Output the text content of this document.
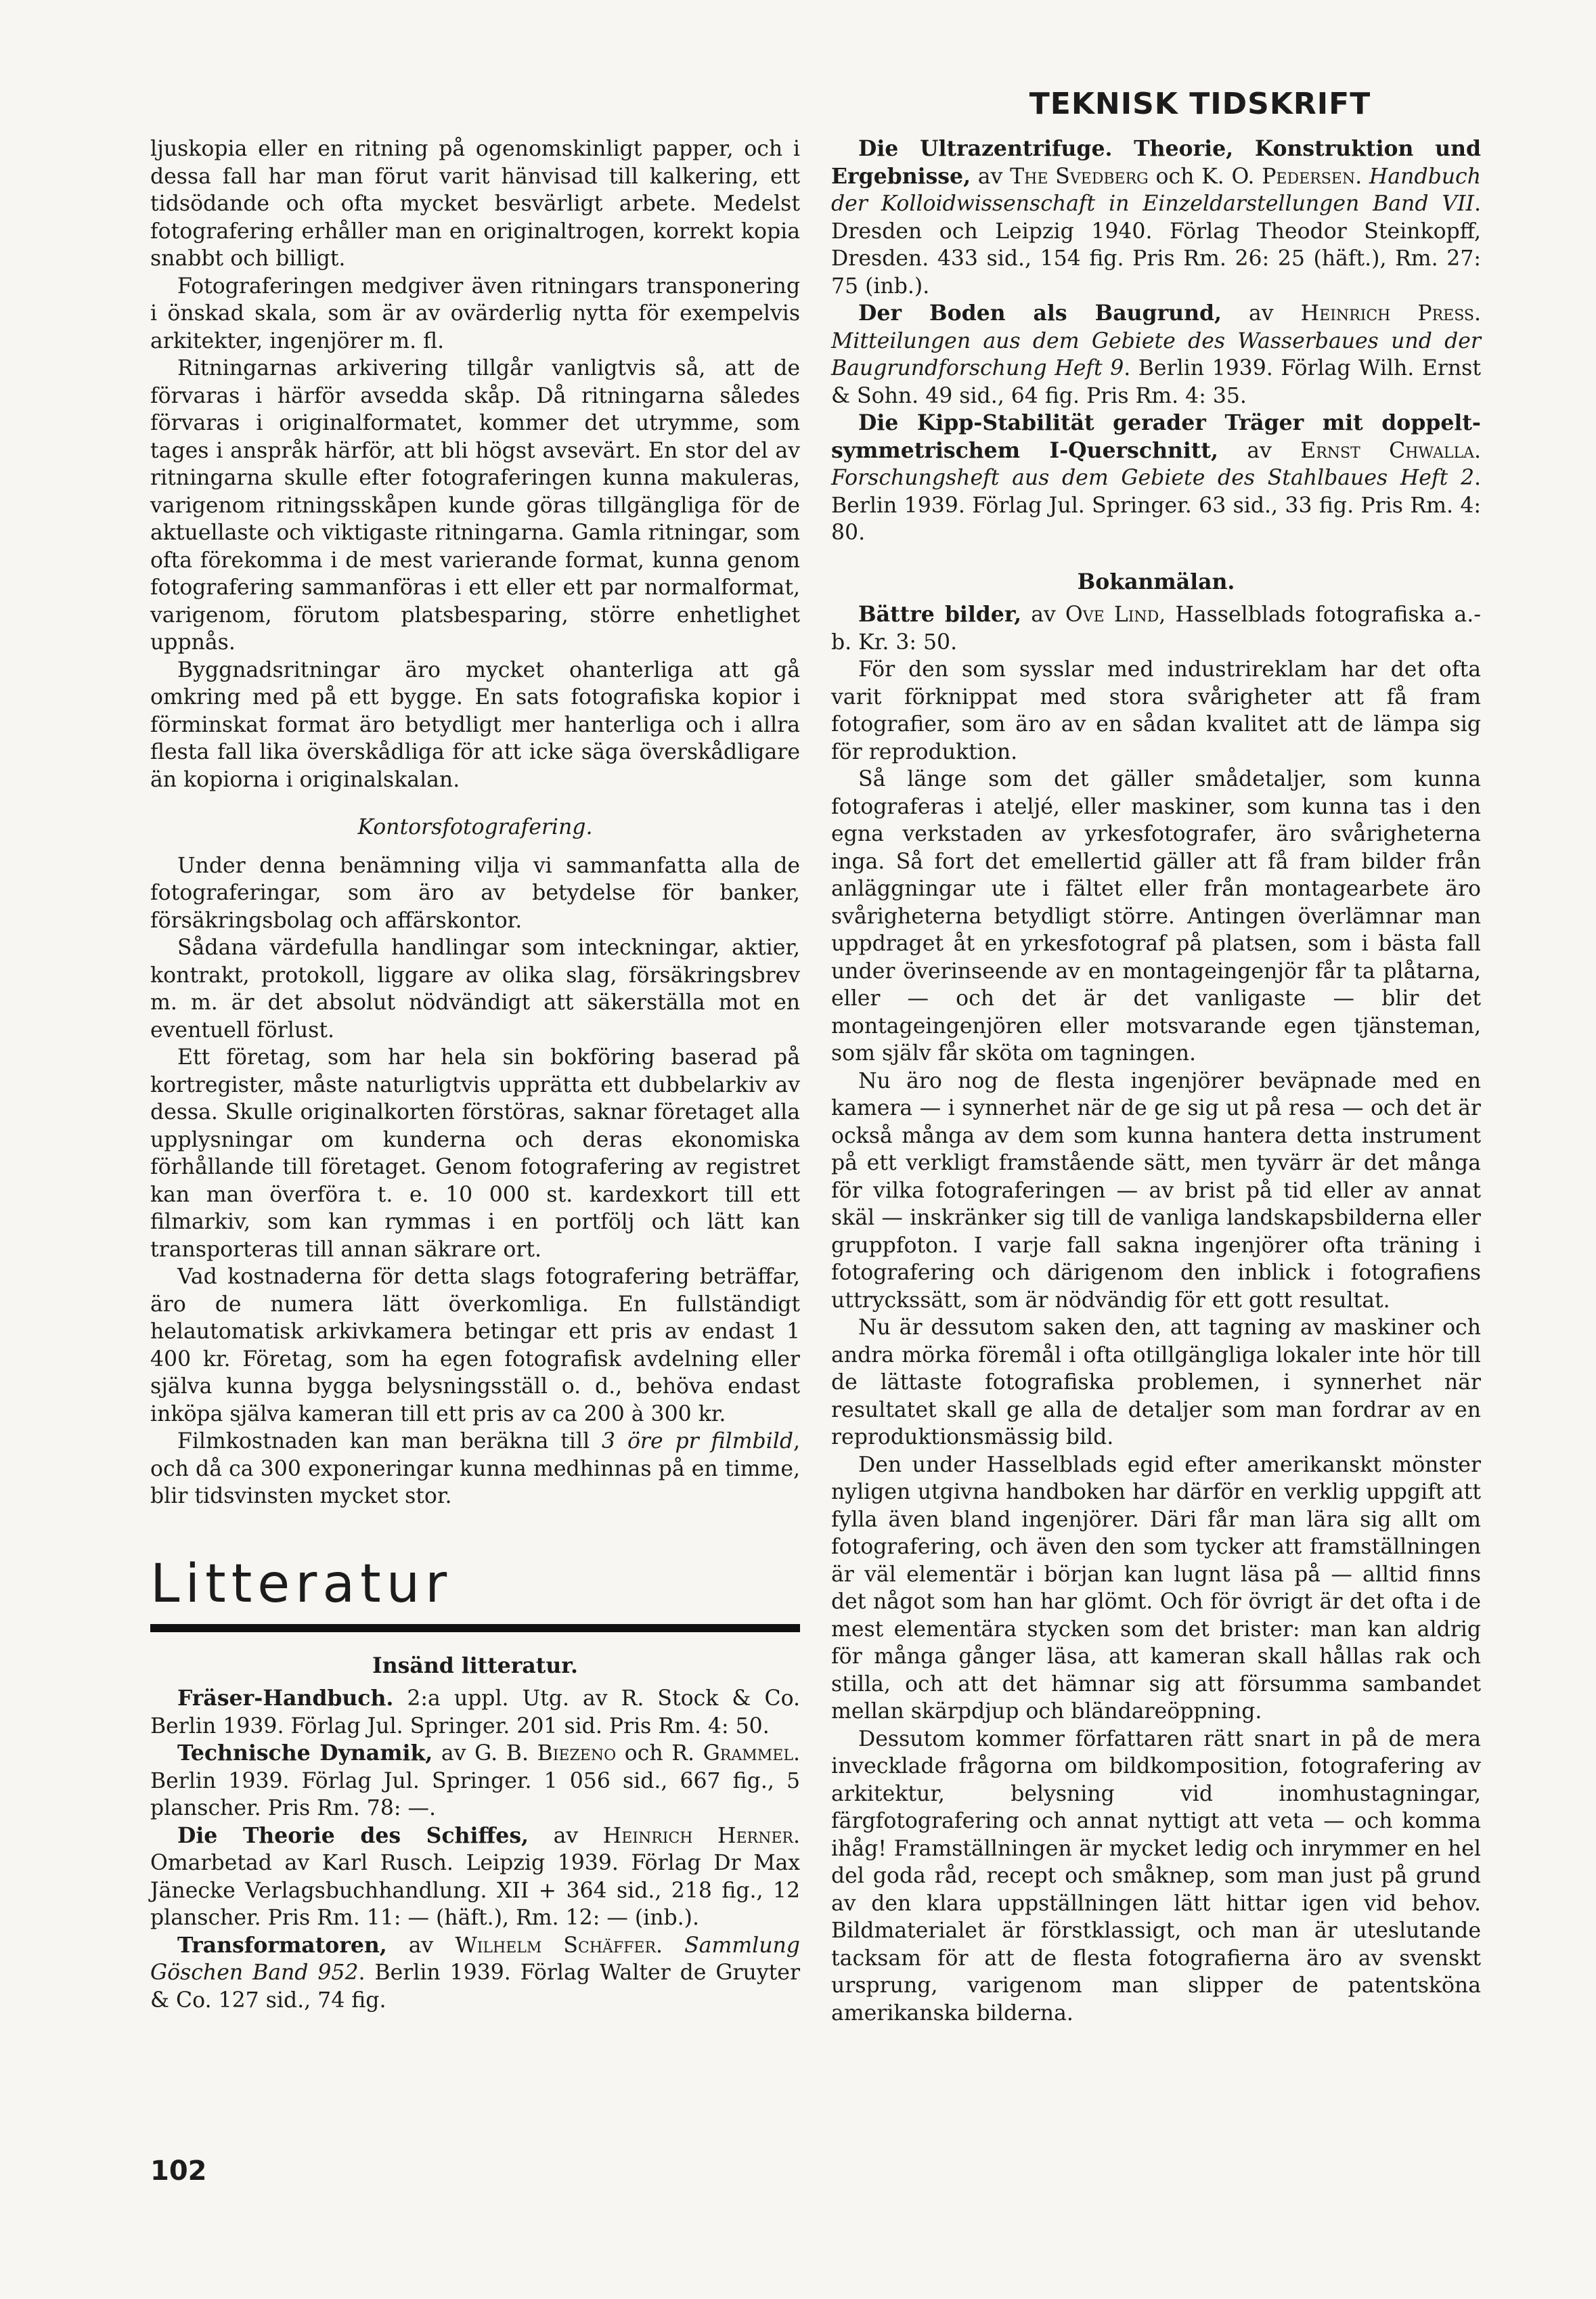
TEKNISK TIDSKRIFT

ljuskopia eller en ritning på ogenomskinligt papper, och i dessa fall har man förut varit hänvisad till kalkering, ett tidsödande och ofta mycket besvärligt arbete. Medelst fotografering erhåller man en originaltrogen, korrekt kopia snabbt och billigt.

Fotograferingen medgiver även ritningars transponering i önskad skala, som är av ovärderlig nytta för exempelvis arkitekter, ingenjörer m. fl.

Ritningarnas arkivering tillgår vanligtvis så, att de förvaras i härför avsedda skåp. Då ritningarna således förvaras i originalformatet, kommer det utrymme, som tages i anspråk härför, att bli högst avsevärt. En stor del av ritningarna skulle efter fotograferingen kunna makuleras, varigenom ritningsskåpen kunde göras tillgängliga för de aktuellaste och viktigaste ritningarna. Gamla ritningar, som ofta förekomma i de mest varierande format, kunna genom fotografering sammanföras i ett eller ett par normalformat, varigenom, förutom platsbesparing, större enhetlighet uppnås.

Byggnadsritningar äro mycket ohanterliga att gå omkring med på ett bygge. En sats fotografiska kopior i förminskat format äro betydligt mer hanterliga och i allra flesta fall lika överskådliga för att icke säga överskådligare än kopiorna i originalskalan.

Kontorsfotografering.

Under denna benämning vilja vi sammanfatta alla de fotograferingar, som äro av betydelse för banker, försäkringsbolag och affärskontor.

Sådana värdefulla handlingar som inteckningar, aktier, kontrakt, protokoll, liggare av olika slag, försäkringsbrev m. m. är det absolut nödvändigt att säkerställa mot en eventuell förlust.

Ett företag, som har hela sin bokföring baserad på kortregister, måste naturligtvis upprätta ett dubbelarkiv av dessa. Skulle originalkorten förstöras, saknar företaget alla upplysningar om kunderna och deras ekonomiska förhållande till företaget. Genom fotografering av registret kan man överföra t. e. 10 000 st. kardexkort till ett filmarkiv, som kan rymmas i en portfölj och lätt kan transporteras till annan säkrare ort.

Vad kostnaderna för detta slags fotografering beträffar, äro de numera lätt överkomliga. En fullständigt helautomatisk arkivkamera betingar ett pris av endast 1 400 kr. Företag, som ha egen fotografisk avdelning eller själva kunna bygga belysningsställ o. d., behöva endast inköpa själva kameran till ett pris av ca 200 à 300 kr.

Filmkostnaden kan man beräkna till 3 öre pr filmbild, och då ca 300 exponeringar kunna medhinnas på en timme, blir tidsvinsten mycket stor.

Litteratur
Insänd litteratur.

Fräser-Handbuch. 2:a uppl. Utg. av R. Stock & Co. Berlin 1939. Förlag Jul. Springer. 201 sid. Pris Rm. 4: 50.

Technische Dynamik, av G. B. Biezeno och R. Grammel. Berlin 1939. Förlag Jul. Springer. 1 056 sid., 667 fig., 5 planscher. Pris Rm. 78: —.

Die Theorie des Schiffes, av Heinrich Herner. Omarbetad av Karl Rusch. Leipzig 1939. Förlag Dr Max Jänecke Verlagsbuchhandlung. XII + 364 sid., 218 fig., 12 planscher. Pris Rm. 11: — (häft.), Rm. 12: — (inb.).

Transformatoren, av Wilhelm Schäffer. Sammlung Göschen Band 952. Berlin 1939. Förlag Walter de Gruyter & Co. 127 sid., 74 fig.

Die Ultrazentrifuge. Theorie, Konstruktion und Ergebnisse, av The Svedberg och K. O. Pedersen. Handbuch der Kolloidwissenschaft in Einzeldarstellungen Band VII. Dresden och Leipzig 1940. Förlag Theodor Steinkopff, Dresden. 433 sid., 154 fig. Pris Rm. 26: 25 (häft.), Rm. 27: 75 (inb.).

Der Boden als Baugrund, av Heinrich Press. Mitteilungen aus dem Gebiete des Wasserbaues und der Baugrundforschung Heft 9. Berlin 1939. Förlag Wilh. Ernst & Sohn. 49 sid., 64 fig. Pris Rm. 4: 35.

Die Kipp-Stabilität gerader Träger mit doppelt-symmetrischem I-Querschnitt, av Ernst Chwalla. Forschungsheft aus dem Gebiete des Stahlbaues Heft 2. Berlin 1939. Förlag Jul. Springer. 63 sid., 33 fig. Pris Rm. 4: 80.

Bokanmälan.

Bättre bilder, av Ove Lind, Hasselblads fotografiska a.-b. Kr. 3: 50.

För den som sysslar med industrireklam har det ofta varit förknippat med stora svårigheter att få fram fotografier, som äro av en sådan kvalitet att de lämpa sig för reproduktion.

Så länge som det gäller smådetaljer, som kunna fotograferas i ateljé, eller maskiner, som kunna tas i den egna verkstaden av yrkesfotografer, äro svårigheterna inga. Så fort det emellertid gäller att få fram bilder från anläggningar ute i fältet eller från montagearbete äro svårigheterna betydligt större. Antingen överlämnar man uppdraget åt en yrkesfotograf på platsen, som i bästa fall under överinseende av en montageingenjör får ta plåtarna, eller — och det är det vanligaste — blir det montageingenjören eller motsvarande egen tjänsteman, som själv får sköta om tagningen.

Nu äro nog de flesta ingenjörer beväpnade med en kamera — i synnerhet när de ge sig ut på resa — och det är också många av dem som kunna hantera detta instrument på ett verkligt framstående sätt, men tyvärr är det många för vilka fotograferingen — av brist på tid eller av annat skäl — inskränker sig till de vanliga landskapsbilderna eller gruppfoton. I varje fall sakna ingenjörer ofta träning i fotografering och därigenom den inblick i fotografiens uttryckssätt, som är nödvändig för ett gott resultat.

Nu är dessutom saken den, att tagning av maskiner och andra mörka föremål i ofta otillgängliga lokaler inte hör till de lättaste fotografiska problemen, i synnerhet när resultatet skall ge alla de detaljer som man fordrar av en reproduktionsmässig bild.

Den under Hasselblads egid efter amerikanskt mönster nyligen utgivna handboken har därför en verklig uppgift att fylla även bland ingenjörer. Däri får man lära sig allt om fotografering, och även den som tycker att framställningen är väl elementär i början kan lugnt läsa på — alltid finns det något som han har glömt. Och för övrigt är det ofta i de mest elementära stycken som det brister: man kan aldrig för många gånger läsa, att kameran skall hållas rak och stilla, och att det hämnar sig att försumma sambandet mellan skärpdjup och bländareöppning.

Dessutom kommer författaren rätt snart in på de mera invecklade frågorna om bildkomposition, fotografering av arkitektur, belysning vid inomhustagningar, färgfotografering och annat nyttigt att veta — och komma ihåg! Framställningen är mycket ledig och inrymmer en hel del goda råd, recept och småknep, som man just på grund av den klara uppställningen lätt hittar igen vid behov. Bildmaterialet är förstklassigt, och man är uteslutande tacksam för att de flesta fotografierna äro av svenskt ursprung, varigenom man slipper de patentsköna amerikanska bilderna.

102
